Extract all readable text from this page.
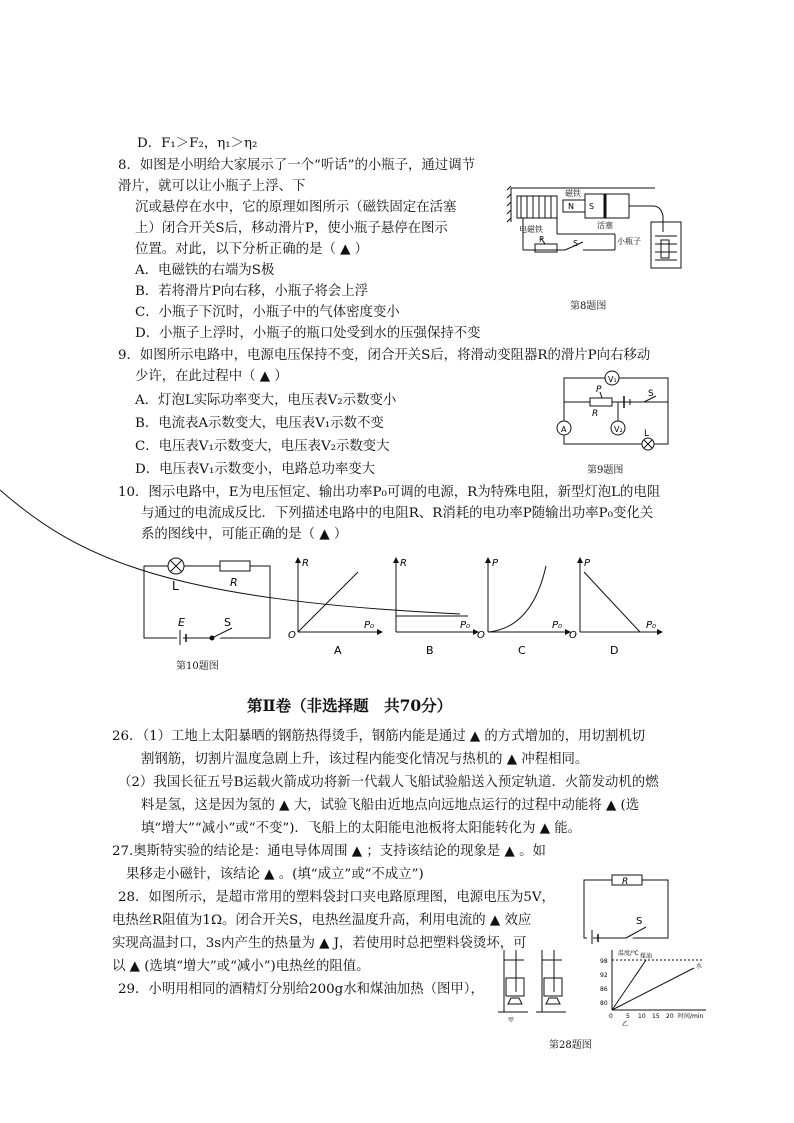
D．F₁＞F₂，η₁＞η₂
8．如图是小明给大家展示了一个“听话”的小瓶子，通过调节
滑片，就可以让小瓶子上浮、下
沉或悬停在水中，它的原理如图所示（磁铁固定在活塞
上）闭合开关S后，移动滑片P，使小瓶子悬停在图示
位置。对此，以下分析正确的是（ ▲ ）
A．电磁铁的右端为S极
B．若将滑片P向右移，小瓶子将会上浮
C．小瓶子下沉时，小瓶子中的气体密度变小
D．小瓶子上浮时，小瓶子的瓶口处受到水的压强保持不变
9．如图所示电路中，电源电压保持不变，闭合开关S后，将滑动变阻器R的滑片P向右移动
少许，在此过程中（ ▲ ）
A．灯泡L实际功率变大，电压表V₂示数变小
B．电流表A示数变大，电压表V₁示数不变
C．电压表V₁示数变大，电压表V₂示数变大
D．电压表V₁示数变小，电路总功率变大
10．图示电路中，E为电压恒定、输出功率P₀可调的电源，R为特殊电阻，新型灯泡L的电阻
与通过的电流成反比．下列描述电路中的电阻R、R消耗的电功率P随输出功率P₀变化关
系的图线中，可能正确的是（ ▲ ）
第Ⅱ卷（非选择题　共70分）
26．（1）工地上太阳暴晒的钢筋热得烫手，钢筋内能是通过 ▲ 的方式增加的，用切割机切
割钢筋，切割片温度急剧上升，该过程内能变化情况与热机的 ▲ 冲程相同。
（2）我国长征五号B运载火箭成功将新一代载人飞船试验船送入预定轨道．火箭发动机的燃
料是氢，这是因为氢的 ▲ 大，试验飞船由近地点向远地点运行的过程中动能将 ▲ (选
填“增大”“减小”或“不变”)．飞船上的太阳能电池板将太阳能转化为 ▲ 能。
27.奥斯特实验的结论是：通电导体周围 ▲ ；支持该结论的现象是 ▲ 。如
果移走小磁针，该结论 ▲ 。(填“成立”或“不成立”)
28．如图所示，是超市常用的塑料袋封口夹电路原理图，电源电压为5V，
电热丝R阻值为1Ω。闭合开关S，电热丝温度升高，利用电流的 ▲ 效应
实现高温封口，3s内产生的热量为 ▲ J，若使用时总把塑料袋烫坏，可
以 ▲ (选填“增大”或“减小”)电热丝的阻值。
29．小明用相同的酒精灯分别给200g水和煤油加热（图甲），
磁铁
N S
活塞
电磁铁
P	S	小瓶子
第8题图
V₁
P
R
S
A	V₂ L
第9题图
L	R
E	S
第10题图
R
O
P₀
A
R
P₀
B
P
O
P₀
C
P
O
P₀
D
R
S
甲
温度/℃ 煤油
水
98
92
86
80
0 5 10 15 20 时间/min
乙
第28题图
